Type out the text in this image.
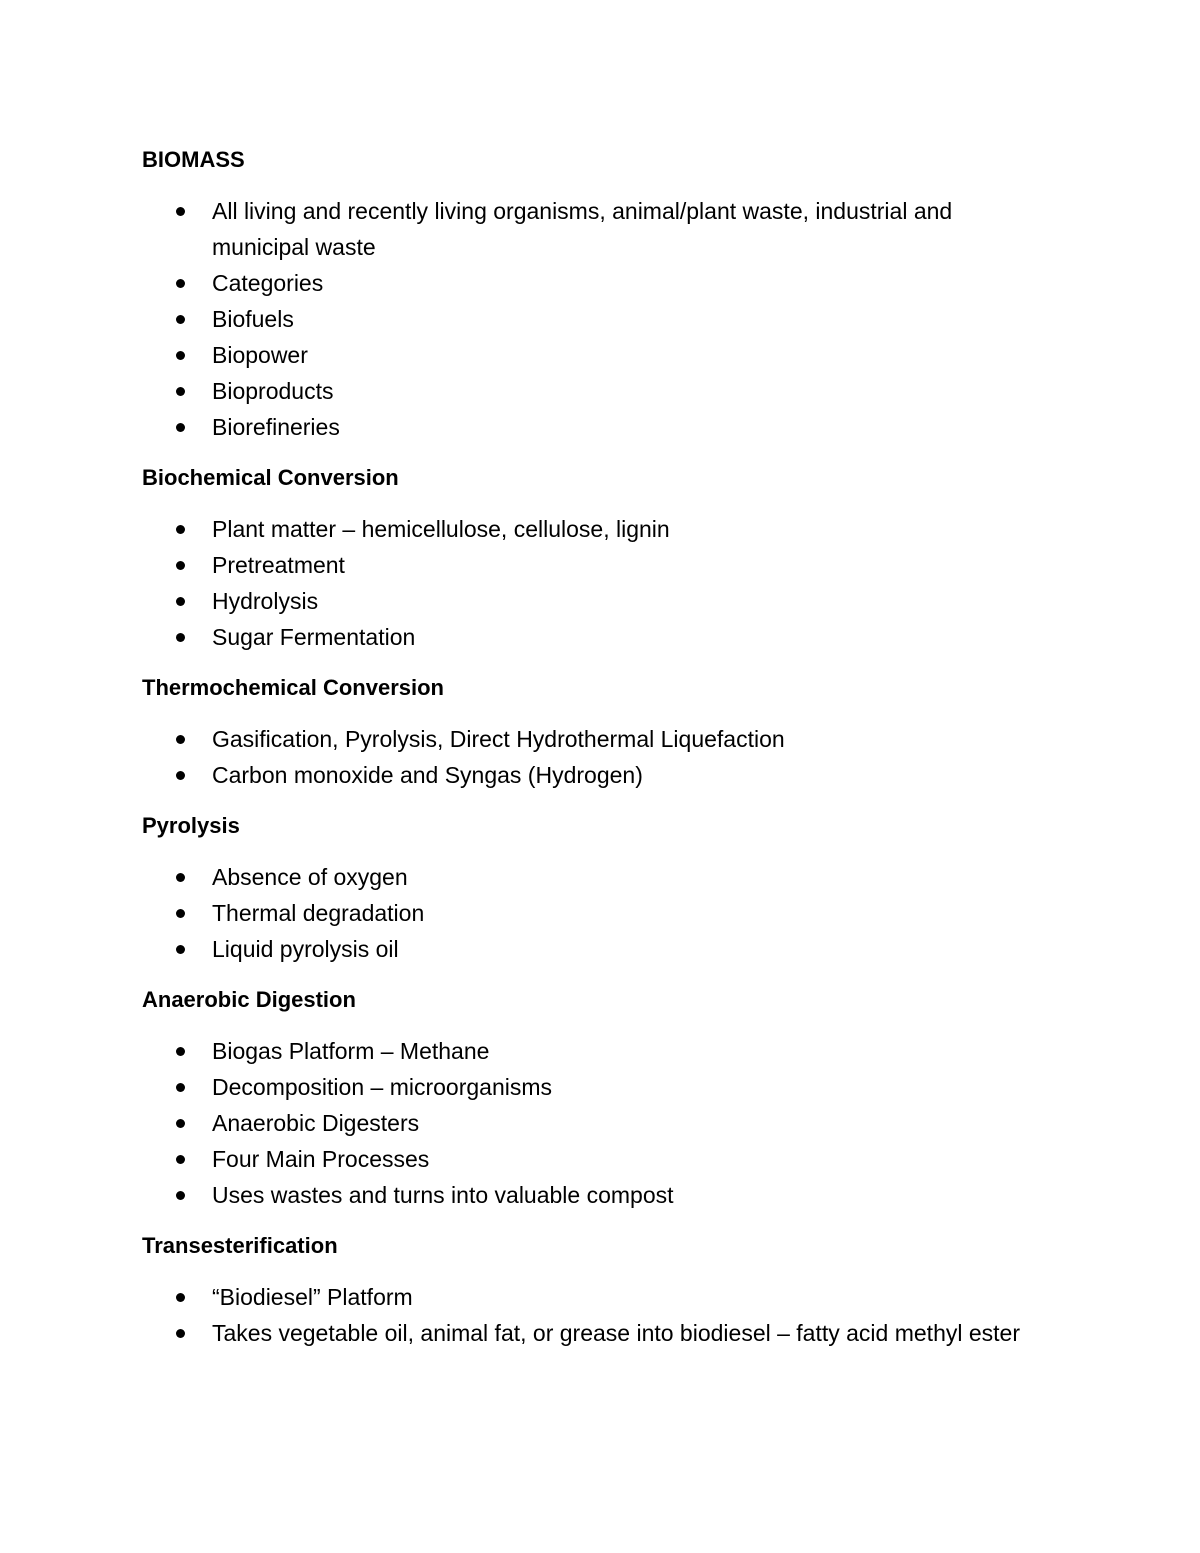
BIOMASS
All living and recently living organisms, animal/plant waste, industrial and municipal waste
Categories
Biofuels
Biopower
Bioproducts
Biorefineries
Biochemical Conversion
Plant matter – hemicellulose, cellulose, lignin
Pretreatment
Hydrolysis
Sugar Fermentation
Thermochemical Conversion
Gasification, Pyrolysis, Direct Hydrothermal Liquefaction
Carbon monoxide and Syngas (Hydrogen)
Pyrolysis
Absence of oxygen
Thermal degradation
Liquid pyrolysis oil
Anaerobic Digestion
Biogas Platform – Methane
Decomposition – microorganisms
Anaerobic Digesters
Four Main Processes
Uses wastes and turns into valuable compost
Transesterification
“Biodiesel” Platform
Takes vegetable oil, animal fat, or grease into biodiesel – fatty acid methyl ester
